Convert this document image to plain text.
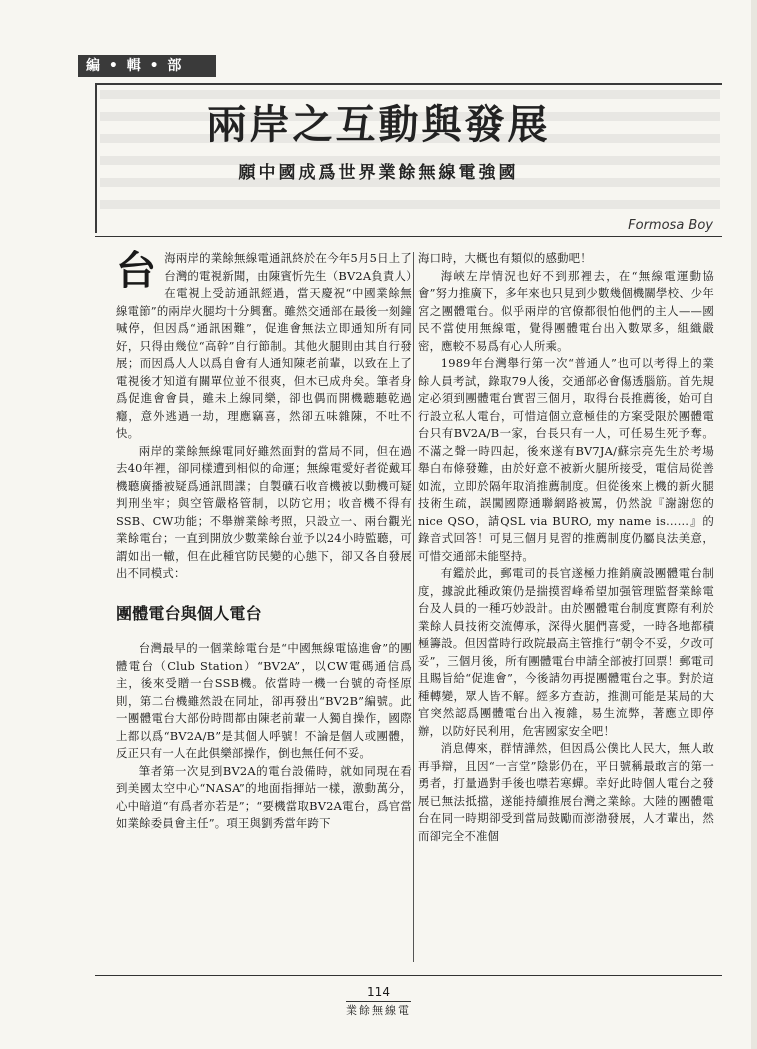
編 • 輯 • 部
兩岸之互動與發展
願中國成爲世界業餘無線電強國
Formosa Boy

台海兩岸的業餘無線電通訊終於在今年5月5日上了台灣的電視新聞，由陳賓忻先生（BV2A負責人）在電視上受訪通訊經過，當天慶祝“中國業餘無線電節”的兩岸火腿均十分興奮。雖然交通部在最後一刻鐘喊停，但因爲“通訊困難”，促進會無法立即通知所有同好，只得由幾位“高幹”自行節制。其他火腿則由其自行發展；而因爲人人以爲自會有人通知陳老前輩，以致在上了電視後才知道有關單位並不很爽，但木已成舟矣。筆者身爲促進會會員，雖未上線同樂，卻也偶而開機聽聽乾過癮，意外逃過一劫，理應竊喜，然卻五味雜陳，不吐不快。

兩岸的業餘無線電同好雖然面對的當局不同，但在過去40年裡，卻同樣遭到相似的命運；無線電愛好者從戴耳機聽廣播被疑爲通訊間諜；自製礦石收音機被以動機可疑判刑坐牢；與空管嚴格管制，以防它用；收音機不得有SSB、CW功能；不舉辦業餘考照，只設立一、兩台觀光業餘電台；一直到開放少數業餘台並予以24小時監聽，可謂如出一轍，但在此種官防民變的心態下，卻又各自發展出不同模式：

團體電台與個人電台

台灣最早的一個業餘電台是“中國無線電協進會”的團體電台（Club Station）“BV2A”，以CW電碼通信爲主，後來受贈一台SSB機。依當時一機一台號的奇怪原則，第二台機雖然設在同址，卻再發出“BV2B”編號。此一團體電台大部份時間都由陳老前輩一人獨自操作，國際上都以爲“BV2A/B”是其個人呼號！不論是個人或團體，反正只有一人在此俱樂部操作，倒也無任何不妥。

筆者第一次見到BV2A的電台設備時，就如同現在看到美國太空中心“NASA”的地面指揮站一樣，激動萬分，心中暗道“有爲者亦若是”；“要機當取BV2A電台，爲官當如業餘委員會主任”。項王與劉秀當年跨下

海口時，大概也有類似的感動吧！

海峽左岸情況也好不到那裡去，在“無線電運動協會”努力推廣下，多年來也只見到少數幾個機關學校、少年宮之團體電台。似乎兩岸的官僚都很怕他們的主人——國民不當使用無線電，覺得團體電台出入數眾多，組織嚴密，應較不易爲有心人所乘。

1989年台灣舉行第一次“普通人”也可以考得上的業餘人員考試，錄取79人後，交通部必會傷透腦筋。首先規定必須到團體電台實習三個月，取得台長推薦後，始可自行設立私人電台，可惜這個立意極佳的方案受限於團體電台只有BV2A/B一家，台長只有一人，可任易生死予奪。不滿之聲一時四起，後來遂有BV7JA/蘇宗亮先生於考場舉白布條發難，由於好意不被新火腿所接受，電信局從善如流，立即於隔年取消推薦制度。但從後來上機的新火腿技術生疏，誤闖國際通聯網路被罵，仍然說『謝謝您的nice QSO，請QSL via BURO, my name is……』的錄音式回答！可見三個月見習的推薦制度仍屬良法美意，可惜交通部未能堅持。

有鑑於此，郵電司的長官遂極力推銷廣設團體電台制度，據說此種政策仍是揣摸習峰希望加强管理監督業餘電台及人員的一種巧妙設計。由於團體電台制度實際有利於業餘人員技術交流傳承，深得火腿們喜愛，一時各地都積極籌設。但因當時行政院最高主管推行“朝令不妥，夕改可妥”，三個月後，所有團體電台申請全部被打回票！郵電司且賜旨給“促進會”，今後請勿再提團體電台之事。對於這種轉變，眾人皆不解。經多方查訪，推測可能是某局的大官突然認爲團體電台出入複雜，易生流弊，著應立即停辦，以防好民利用，危害國家安全吧！

消息傳來，群情譁然，但因爲公僕比人民大，無人敢再爭辯，且因“一言堂”陰影仍在，平日號稱最敢言的第一勇者，打量過對手後也噤若寒蟬。幸好此時個人電台之發展已無法抵擋，遂能持續推展台灣之業餘。大陸的團體電台在同一時期卻受到當局鼓勵而澎渤發展，人才輩出，然而卻完全不准個

114
業餘無線電
